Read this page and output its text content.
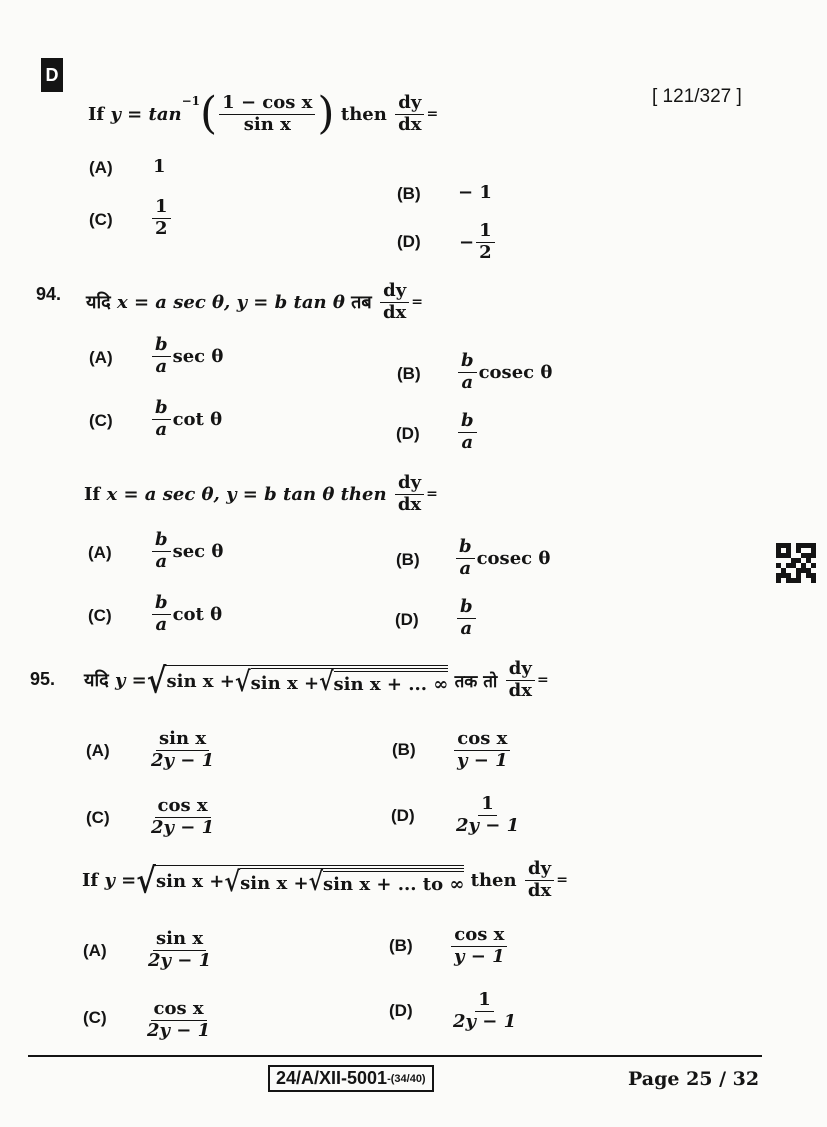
D
[ 121/327 ]
If
y = tan
$^{-1}$ ( $\frac{\text{1 − cos x}}{\text{sin x}}$ )
then
$\frac{dy}{dx}$ =
(A) 1
(B) − 1
$(C) \frac{1}{2}$
$(D) - \frac{1}{2}$
94. यदि
x = a sec θ, y = b tan θ
तब
$\frac{dy}{dx}$ =
$(A) \frac{b}{a}$ sec θ
$(B) \frac{b}{a}$ cosec θ
$(C) \frac{b}{a}$ cot θ
$(D) \frac{b}{a}$
If
x = a sec θ, y = b tan θ then
$\frac{dy}{dx}$ =
$(A) \frac{b}{a}$ sec θ	$(B) \frac{b}{a}$ cosec θ
$(C) \frac{b}{a}$ cot θ	$(D) \frac{b}{a}$
95. यदि
y = √ sin x + √ sin x + √ sin x + ... ∞
तक तो
$\frac{dy}{dx}$ =
$(A) \frac{\text{sin x}}{2y - 1}$	$(B) \frac{\text{cos x}}{y - 1}$
$(C) \frac{\text{cos x}}{2y - 1}$	$(D) \frac{1}{2y - 1}$
If
y = √ sin x + √ sin x + √ sin x + ... to ∞
then
$\frac{dy}{dx}$ =
$(A) \frac{\text{sin x}}{2y - 1}$	$(B) \frac{\text{cos x}}{y - 1}$
$(C) \frac{\text{cos x}}{2y - 1}$	$(D) \frac{1}{2y - 1}$
24/A/XII-5001 -(34/40)	Page 25 / 32
